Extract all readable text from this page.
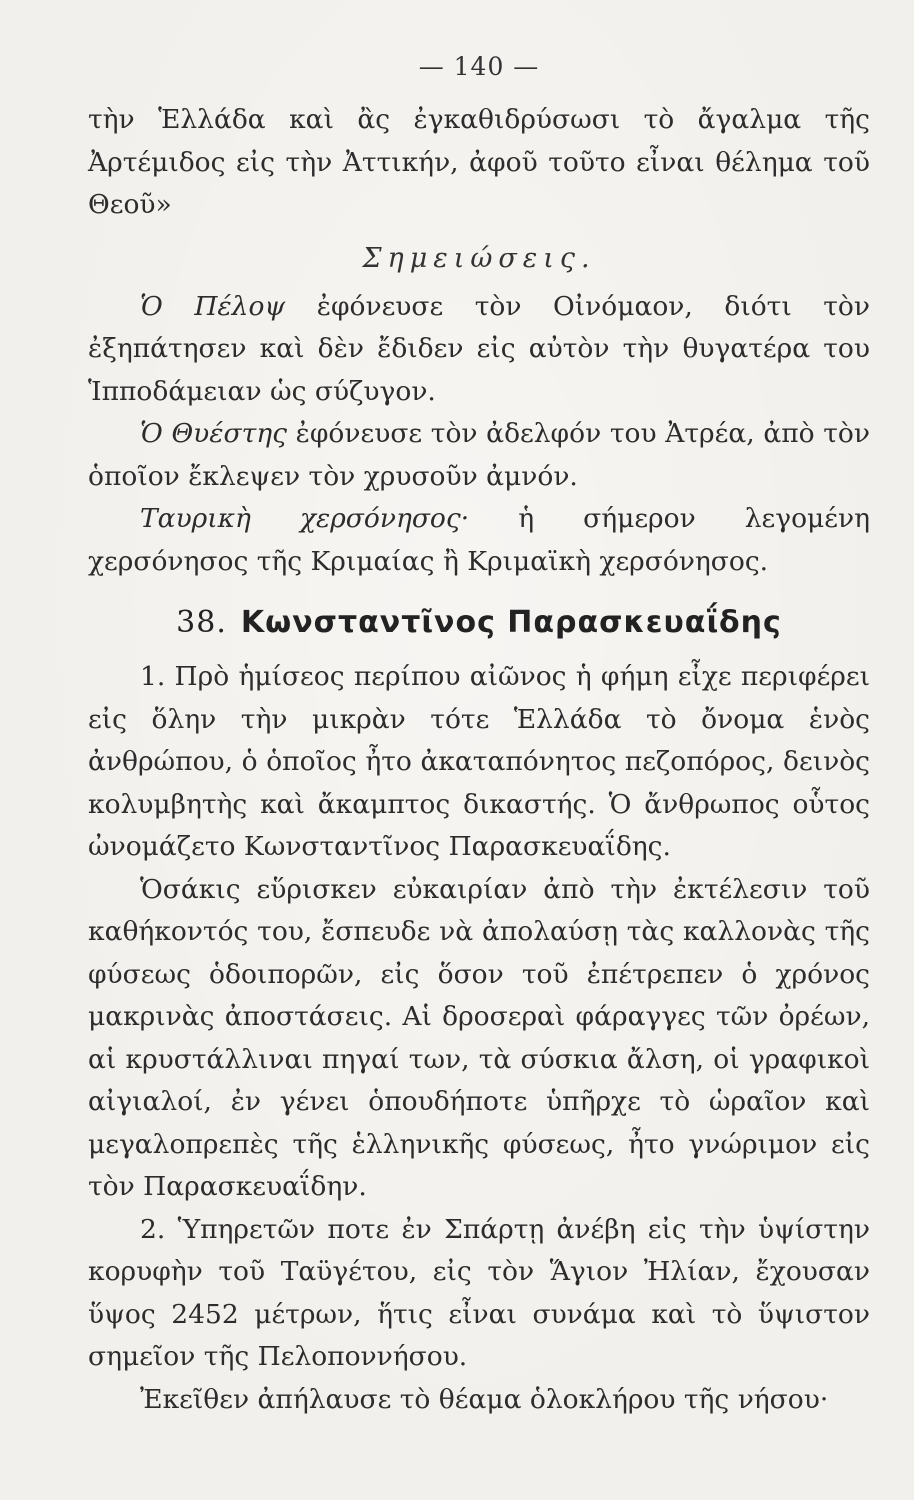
— 140 —

τὴν Ἑλλάδα καὶ ἂς ἐγκαθιδρύσωσι τὸ ἄγαλμα τῆς Ἀρτέμιδος εἰς τὴν Ἀττικήν, ἀφοῦ τοῦτο εἶναι θέλημα τοῦ Θεοῦ»

Σημειώσεις.

Ὁ Πέλοψ ἐφόνευσε τὸν Οἰνόμαον, διότι τὸν ἐξηπάτησεν καὶ δὲν ἔδιδεν εἰς αὐτὸν τὴν θυγατέρα του Ἱπποδάμειαν ὡς σύζυγον.

Ὁ Θυέστης ἐφόνευσε τὸν ἀδελφόν του Ἀτρέα, ἀπὸ τὸν ὁποῖον ἔκλεψεν τὸν χρυσοῦν ἀμνόν.

Ταυρικὴ χερσόνησος· ἡ σήμερον λεγομένη χερσόνησος τῆς Κριμαίας ἢ Κριμαϊκὴ χερσόνησος.

38. Κωνσταντῖνος Παρασκευαΐδης

1. Πρὸ ἡμίσεος περίπου αἰῶνος ἡ φήμη εἶχε περιφέρει εἰς ὅλην τὴν μικρὰν τότε Ἑλλάδα τὸ ὄνομα ἑνὸς ἀνθρώπου, ὁ ὁποῖος ἦτο ἀκαταπόνητος πεζοπόρος, δεινὸς κολυμβητὴς καὶ ἄκαμπτος δικαστής. Ὁ ἄνθρωπος οὗτος ὠνομάζετο Κωνσταντῖνος Παρασκευαΐδης.

Ὁσάκις εὕρισκεν εὐκαιρίαν ἀπὸ τὴν ἐκτέλεσιν τοῦ καθήκοντός του, ἔσπευδε νὰ ἀπολαύσῃ τὰς καλλονὰς τῆς φύσεως ὁδοιπορῶν, εἰς ὅσον τοῦ ἐπέτρεπεν ὁ χρόνος μακρινὰς ἀποστάσεις. Αἱ δροσεραὶ φάραγγες τῶν ὀρέων, αἱ κρυστάλλιναι πηγαί των, τὰ σύσκια ἄλση, οἱ γραφικοὶ αἰγιαλοί, ἐν γένει ὁπουδήποτε ὑπῆρχε τὸ ὡραῖον καὶ μεγαλοπρεπὲς τῆς ἑλληνικῆς φύσεως, ἦτο γνώριμον εἰς τὸν Παρασκευαΐδην.

2. Ὑπηρετῶν ποτε ἐν Σπάρτῃ ἀνέβη εἰς τὴν ὑψίστην κορυφὴν τοῦ Ταϋγέτου, εἰς τὸν Ἅγιον Ἠλίαν, ἔχουσαν ὕψος 2452 μέτρων, ἥτις εἶναι συνάμα καὶ τὸ ὕψιστον σημεῖον τῆς Πελοποννήσου.

Ἐκεῖθεν ἀπήλαυσε τὸ θέαμα ὁλοκλήρου τῆς νήσου·
